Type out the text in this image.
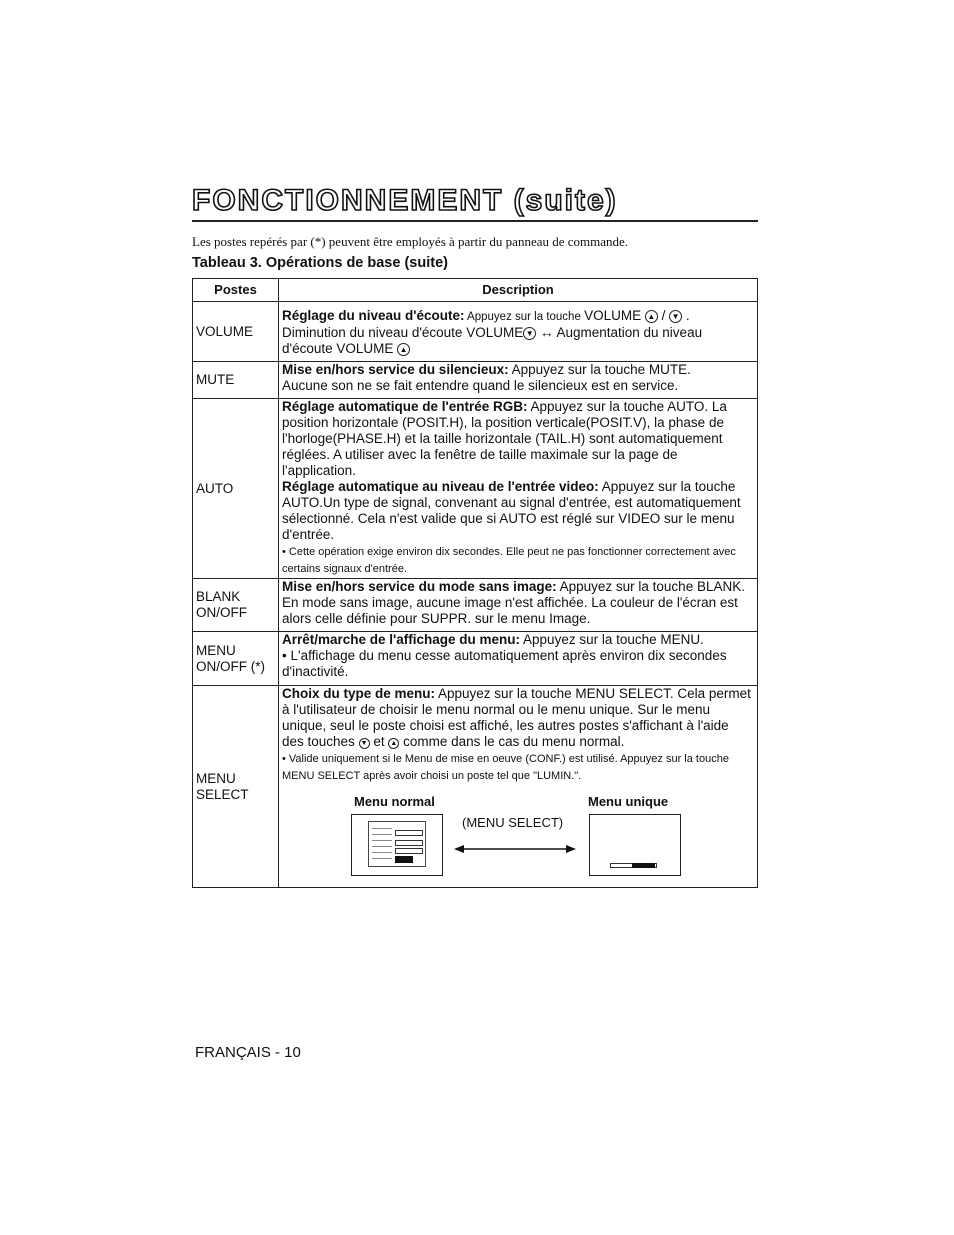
FONCTIONNEMENT (suite)
Les postes repérés par (*) peuvent être employés à partir du panneau de commande.
Tableau 3. Opérations de base (suite)
Postes	Description
VOLUME	Réglage du niveau d'écoute: Appuyez sur la touche VOLUME ▲ / ▼ .
Diminution du niveau d'écoute VOLUME ▼ ↔ Augmentation du niveau d'écoute VOLUME ▲
MUTE	Mise en/hors service du silencieux: Appuyez sur la touche MUTE.
Aucune son ne se fait entendre quand le silencieux est en service.
AUTO	Réglage automatique de l'entrée RGB: Appuyez sur la touche AUTO. La position horizontale (POSIT.H), la position verticale(POSIT.V), la phase de l'horloge(PHASE.H) et la taille horizontale (TAIL.H) sont automatiquement réglées. A utiliser avec la fenêtre de taille maximale sur la page de l'application.
Réglage automatique au niveau de l'entrée video: Appuyez sur la touche AUTO.Un type de signal, convenant au signal d'entrée, est automatiquement sélectionné. Cela n'est valide que si AUTO est réglé sur VIDEO sur le menu d'entrée.
• Cette opération exige environ dix secondes. Elle peut ne pas fonctionner correctement avec certains signaux d'entrée.
BLANK
ON/OFF	Mise en/hors service du mode sans image: Appuyez sur la touche BLANK. En mode sans image, aucune image n'est affichée. La couleur de l'écran est alors celle définie pour SUPPR. sur le menu Image.
MENU
ON/OFF (*)	Arrêt/marche de l'affichage du menu: Appuyez sur la touche MENU.
• L'affichage du menu cesse automatiquement après environ dix secondes d'inactivité.
MENU
SELECT	Choix du type de menu: Appuyez sur la touche MENU SELECT. Cela permet à l'utilisateur de choisir le menu normal ou le menu unique. Sur le menu unique, seul le poste choisi est affiché, les autres postes s'affichant à l'aide des touches ▼ et ▲ comme dans le cas du menu normal.
• Valide uniquement si le Menu de mise en oeuve (CONF.) est utilisé. Appuyez sur la touche MENU SELECT après avoir choisi un poste tel que "LUMIN.".
Menu normal Menu unique
(MENU SELECT)
FRANÇAIS - 10
